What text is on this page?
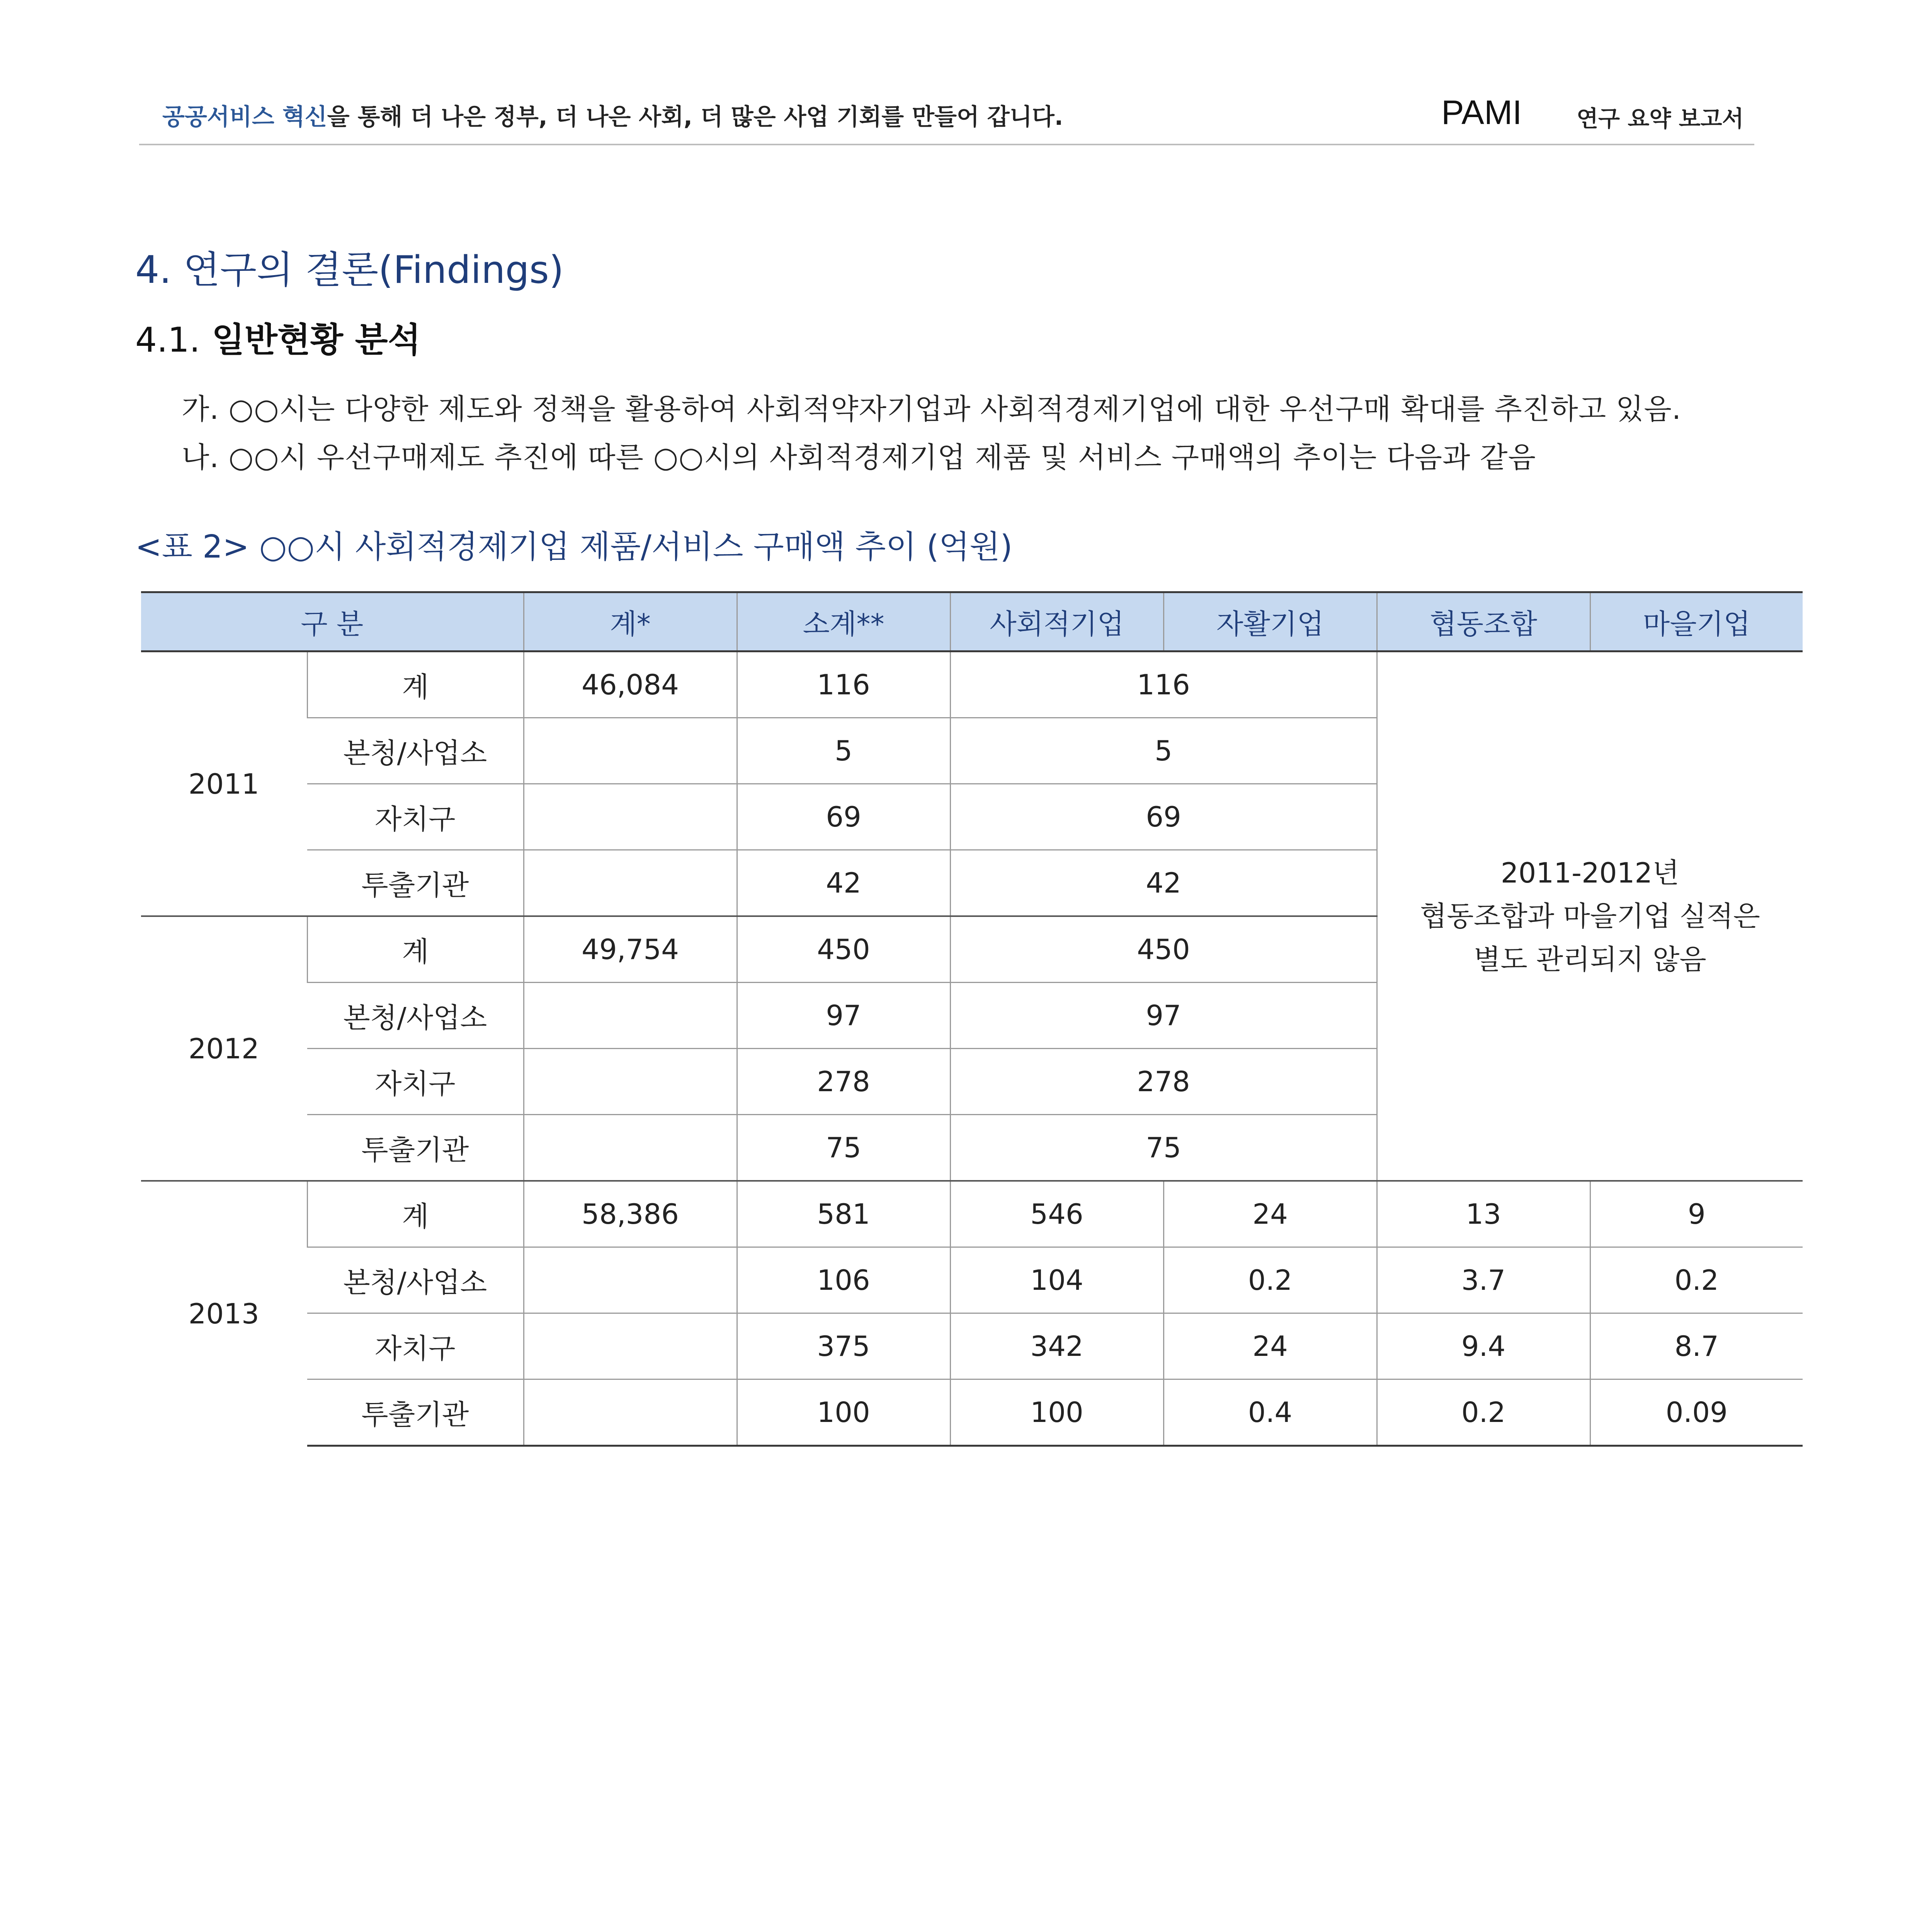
공공서비스 혁신을 통해 더 나은 정부, 더 나은 사회, 더 많은 사업 기회를 만들어 갑니다.	PAMI 연구 요약 보고서
4. 연구의 결론(Findings)
4.1. 일반현황 분석
가. ○○시는 다양한 제도와 정책을 활용하여 사회적약자기업과 사회적경제기업에 대한 우선구매 확대를 추진하고 있음.
나. ○○시 우선구매제도 추진에 따른 ○○시의 사회적경제기업 제품 및 서비스 구매액의 추이는 다음과 같음
<표 2> ○○시 사회적경제기업 제품/서비스 구매액 추이 (억원)
구 분		계*	소계**	사회적기업	자활기업	협동조합	마을기업
2011	계	46,084	116	116		2011-2012년
협동조합과 마을기업 실적은
별도 관리되지 않음	

	본청/사업소		5	5			
	자치구		69	69			
	투출기관		42	42			
2012	계	49,754	450	450			
	본청/사업소		97	97			
	자치구		278	278			
	투출기관		75	75			
2013	계	58,386	581	546	24	13	9
	본청/사업소		106	104	0.2	3.7	0.2
	자치구		375	342	24	9.4	8.7
	투출기관		100	100	0.4	0.2	0.09
